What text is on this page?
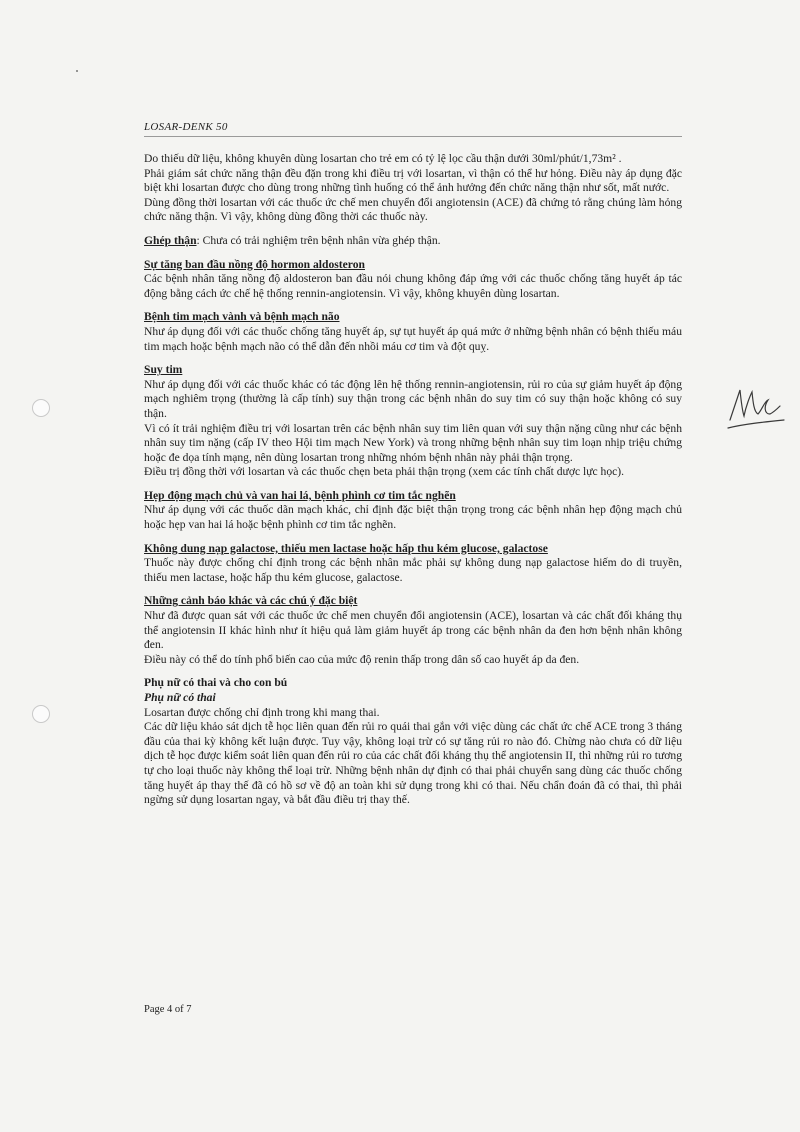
LOSAR-DENK 50

Do thiếu dữ liệu, không khuyên dùng losartan cho trẻ em có tỷ lệ lọc cầu thận dưới 30ml/phút/1,73m² .

Phải giám sát chức năng thận đều đặn trong khi điều trị với losartan, vì thận có thể hư hỏng. Điều này áp dụng đặc biệt khi losartan được cho dùng trong những tình huống có thể ảnh hưởng đến chức năng thận như sốt, mất nước.

Dùng đồng thời losartan với các thuốc ức chế men chuyển đổi angiotensin (ACE) đã chứng tỏ rằng chúng làm hỏng chức năng thận. Vì vậy, không dùng đồng thời các thuốc này.

Ghép thận: Chưa có trải nghiệm trên bệnh nhân vừa ghép thận.

Sự tăng ban đầu nồng độ hormon aldosteron

Các bệnh nhân tăng nồng độ aldosteron ban đầu nói chung không đáp ứng với các thuốc chống tăng huyết áp tác động bằng cách ức chế hệ thống rennin-angiotensin. Vì vậy, không khuyên dùng losartan.

Bệnh tim mạch vành và bệnh mạch não

Như áp dụng đối với các thuốc chống tăng huyết áp, sự tụt huyết áp quá mức ở những bệnh nhân có bệnh thiếu máu tim mạch hoặc bệnh mạch não có thể dẫn đến nhồi máu cơ tim và đột quỵ.

Suy tim

Như áp dụng đối với các thuốc khác có tác động lên hệ thống rennin-angiotensin, rủi ro của sự giảm huyết áp động mạch nghiêm trọng (thường là cấp tính) suy thận trong các bệnh nhân do suy tim có suy thận hoặc không có suy thận.

Vì có ít trải nghiệm điều trị với losartan trên các bệnh nhân suy tim liên quan với suy thận nặng cũng như các bệnh nhân suy tim nặng (cấp IV theo Hội tim mạch New York) và trong những bệnh nhân suy tim loạn nhịp triệu chứng hoặc đe dọa tính mạng, nên dùng losartan trong những nhóm bệnh nhân này phải thận trọng.

Điều trị đồng thời với losartan và các thuốc chẹn beta phải thận trọng (xem các tính chất dược lực học).

Hẹp động mạch chủ và van hai lá, bệnh phình cơ tim tắc nghẽn

Như áp dụng với các thuốc dãn mạch khác, chỉ định đặc biệt thận trọng trong các bệnh nhân hẹp động mạch chủ hoặc hẹp van hai lá hoặc bệnh phình cơ tim tắc nghẽn.

Không dung nạp galactose, thiếu men lactase hoặc hấp thu kém glucose, galactose

Thuốc này được chống chỉ định trong các bệnh nhân mắc phải sự không dung nạp galactose hiếm do di truyền, thiếu men lactase, hoặc hấp thu kém glucose, galactose.

Những cảnh báo khác và các chú ý đặc biệt

Như đã được quan sát với các thuốc ức chế men chuyển đổi angiotensin (ACE), losartan và các chất đối kháng thụ thể angiotensin II khác hình như ít hiệu quả làm giảm huyết áp trong các bệnh nhân da đen hơn bệnh nhân không đen.

Điều này có thể do tính phổ biến cao của mức độ renin thấp trong dân số cao huyết áp da đen.

Phụ nữ có thai và cho con bú

Phụ nữ có thai

Losartan được chống chỉ định trong khi mang thai.

Các dữ liệu khảo sát dịch tễ học liên quan đến rủi ro quái thai gắn với việc dùng các chất ức chế ACE trong 3 tháng đầu của thai kỳ không kết luận được. Tuy vậy, không loại trừ có sự tăng rủi ro nào đó. Chừng nào chưa có dữ liệu dịch tễ học được kiểm soát liên quan đến rủi ro của các chất đối kháng thụ thể angiotensin II, thì những rủi ro tương tự cho loại thuốc này không thể loại trừ. Những bệnh nhân dự định có thai phải chuyển sang dùng các thuốc chống tăng huyết áp thay thế đã có hồ sơ về độ an toàn khi sử dụng trong khi có thai. Nếu chẩn đoán đã có thai, thì phải ngừng sử dụng losartan ngay, và bắt đầu điều trị thay thế.

Page 4 of 7
